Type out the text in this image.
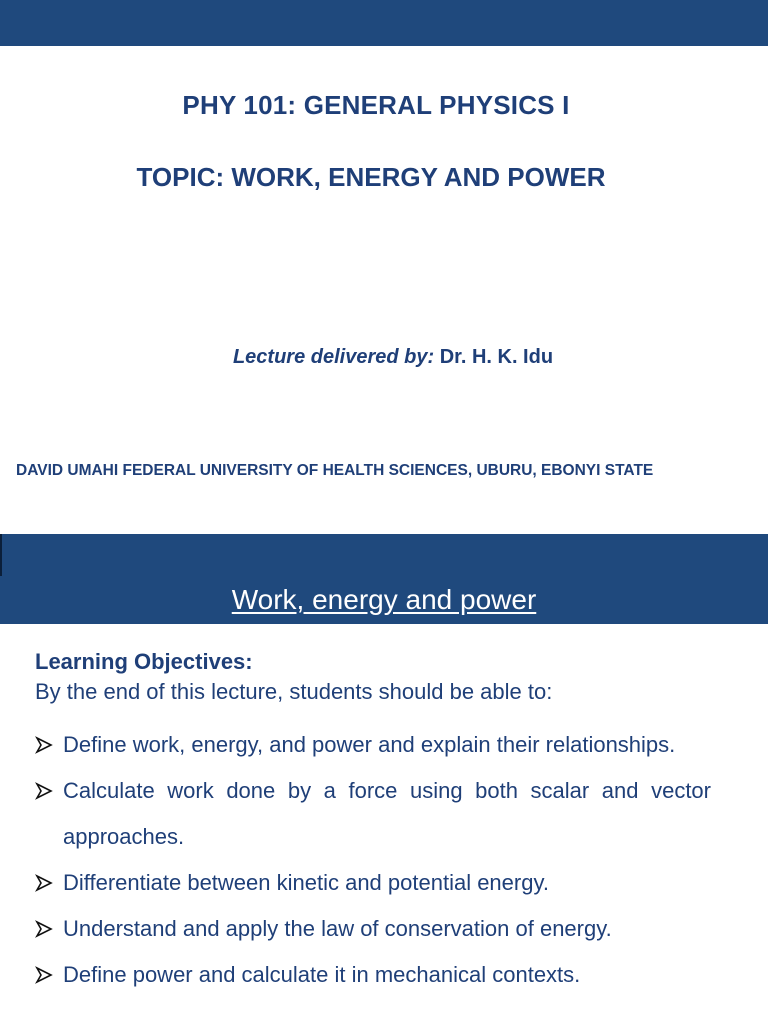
PHY 101: GENERAL PHYSICS I
TOPIC: WORK, ENERGY AND POWER
Lecture delivered by: Dr. H. K. Idu
DAVID UMAHI FEDERAL UNIVERSITY OF HEALTH SCIENCES, UBURU, EBONYI STATE
Work, energy and power
Learning Objectives:
By the end of this lecture, students should be able to:
Define work, energy, and power and explain their relationships.
Calculate work done by a force using both scalar and vector approaches.
Differentiate between kinetic and potential energy.
Understand and apply the law of conservation of energy.
Define power and calculate it in mechanical contexts.
